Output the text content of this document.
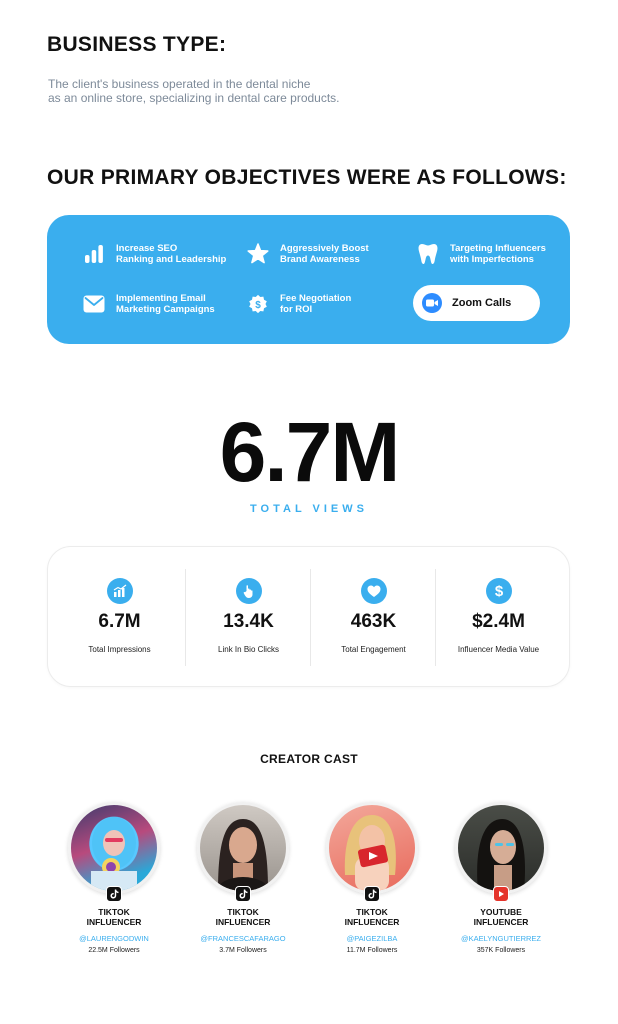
BUSINESS TYPE:
The client's business operated in the dental niche
as an online store, specializing in dental care products.
OUR PRIMARY OBJECTIVES WERE AS FOLLOWS:
Increase SEO
Ranking and Leadership
Aggressively Boost
Brand Awareness
Targeting Influencers
with Imperfections
Implementing Email
Marketing Campaigns	$
Fee Negotiation
for ROI
Zoom Calls
6.7M
TOTAL VIEWS
6.7M
Total Impressions
13.4K
Link In Bio Clicks
463K
Total Engagement
$
$2.4M
Influencer Media Value
CREATOR CAST
TIKTOK
INFLUENCER
@LAURENGODWIN
22.5M Followers
TIKTOK
INFLUENCER
@FRANCESCAFARAGO
3.7M Followers
TIKTOK
INFLUENCER
@PAIGEZILBA
11.7M Followers
YOUTUBE
INFLUENCER
@KAELYNGUTIERREZ
357K Followers
